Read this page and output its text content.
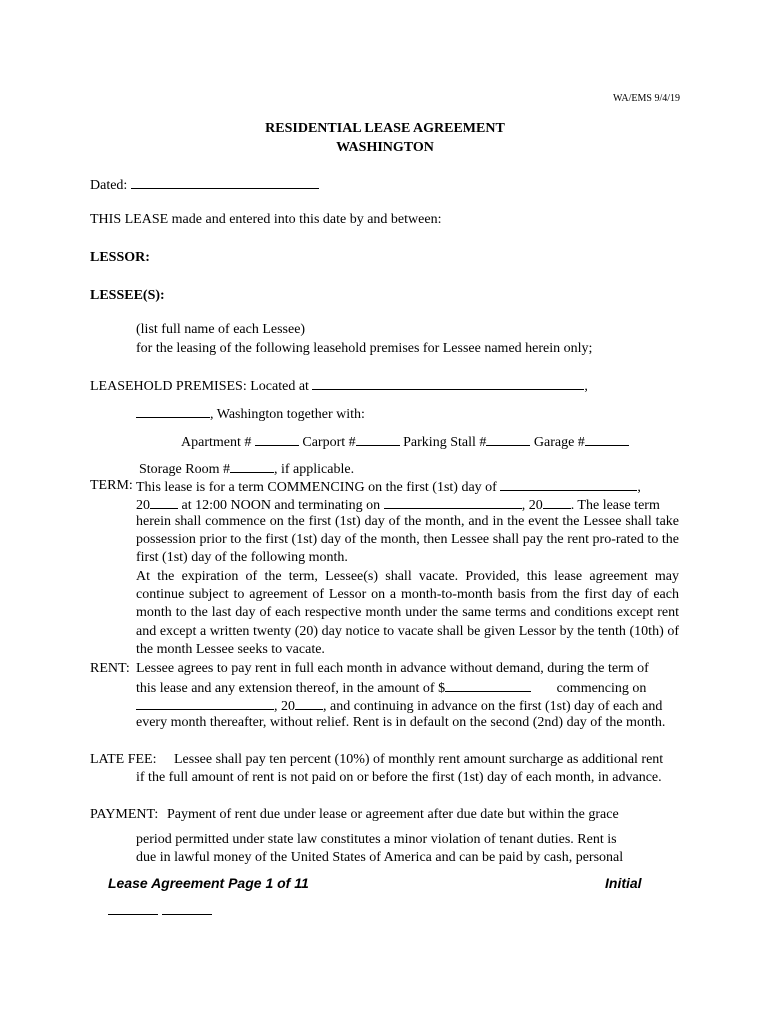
WA/EMS 9/4/19
RESIDENTIAL LEASE AGREEMENT
WASHINGTON
Dated:
THIS LEASE made and entered into this date by and between:
LESSOR:
LESSEE(S):
(list full name of each Lessee)
for the leasing of the following leasehold premises for Lessee named herein only;
LEASEHOLD PREMISES: Located at	,
, Washington together with:
Apartment #	Carport #	Parking Stall #	Garage #
Storage Room #	, if applicable.
TERM: This lease is for a term COMMENCING on the first (1st) day of	,
20 at 12:00 NOON and terminating on	, 20 . The lease term
herein shall commence on the first (1st) day of the month, and in the event the Lessee shall take possession prior to the first (1st) day of the month, then Lessee shall pay the rent pro-rated to the first (1st) day of the following month.
At the expiration of the term, Lessee(s) shall vacate. Provided, this lease agreement may continue subject to agreement of Lessor on a month-to-month basis from the first day of each month to the last day of each respective month under the same terms and conditions except rent and except a written twenty (20) day notice to vacate shall be given Lessor by the tenth (10th) of the month Lessee seeks to vacate.
RENT: Lessee agrees to pay rent in full each month in advance without demand, during the term of
this lease and any extension thereof, in the amount of $	commencing on
, 20 , and continuing in advance on the first (1st) day of each and
every month thereafter, without relief. Rent is in default on the second (2nd) day of the month.
LATE FEE: Lessee shall pay ten percent (10%) of monthly rent amount surcharge as additional rent
if the full amount of rent is not paid on or before the first (1st) day of each month, in advance.
PAYMENT: Payment of rent due under lease or agreement after due date but within the grace
period permitted under state law constitutes a minor violation of tenant duties. Rent is
due in lawful money of the United States of America and can be paid by cash, personal
Lease Agreement Page 1 of 11	Initial
